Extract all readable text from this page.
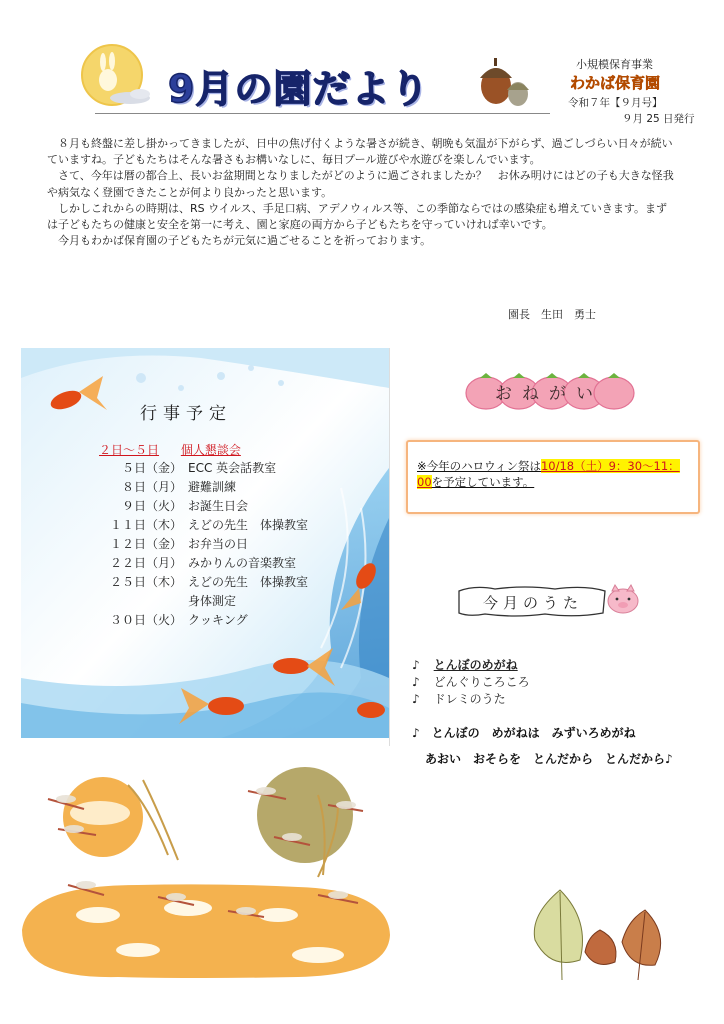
9月の園だより
小規模保育事業
わかば保育園
令和７年【９月号】
９月 25 日発行

８月も終盤に差し掛かってきましたが、日中の焦げ付くような暑さが続き、朝晩も気温が下がらず、過ごしづらい日々が続いていますね。子どもたちはそんな暑さもお構いなしに、毎日プール遊びや水遊びを楽しんでいます。

さて、今年は暦の都合上、長いお盆期間となりましたがどのように過ごされましたか？　お休み明けにはどの子も大きな怪我や病気なく登園できたことが何より良かったと思います。

しかしこれからの時期は、RS ウイルス、手足口病、アデノウィルス等、この季節ならではの感染症も増えていきます。まずは子どもたちの健康と安全を第一に考え、園と家庭の両方から子どもたちを守っていければ幸いです。

今月もわかば保育園の子どもたちが元気に過ごせることを祈っております。

園長　生田　勇士
行事予定
２日～５日 個人懇談会
５日（金） ECC 英会話教室
８日（月） 避難訓練
９日（火） お誕生日会
１１日（木） えどの先生　体操教室
１２日（金） お弁当の日
２２日（月） みかりんの音楽教室
２５日（木） えどの先生　体操教室
身体測定
３０日（火） クッキング
おねがい
※今年のハロウィン祭は10/18（土）9：30～11：
00を予定しています。
今月のうた
♪ とんぼのめがね
♪ どんぐりころころ
♪ ドレミのうた
♪　とんぼの　めがねは　みずいろめがね
あおい　おそらを　とんだから　とんだから♪
